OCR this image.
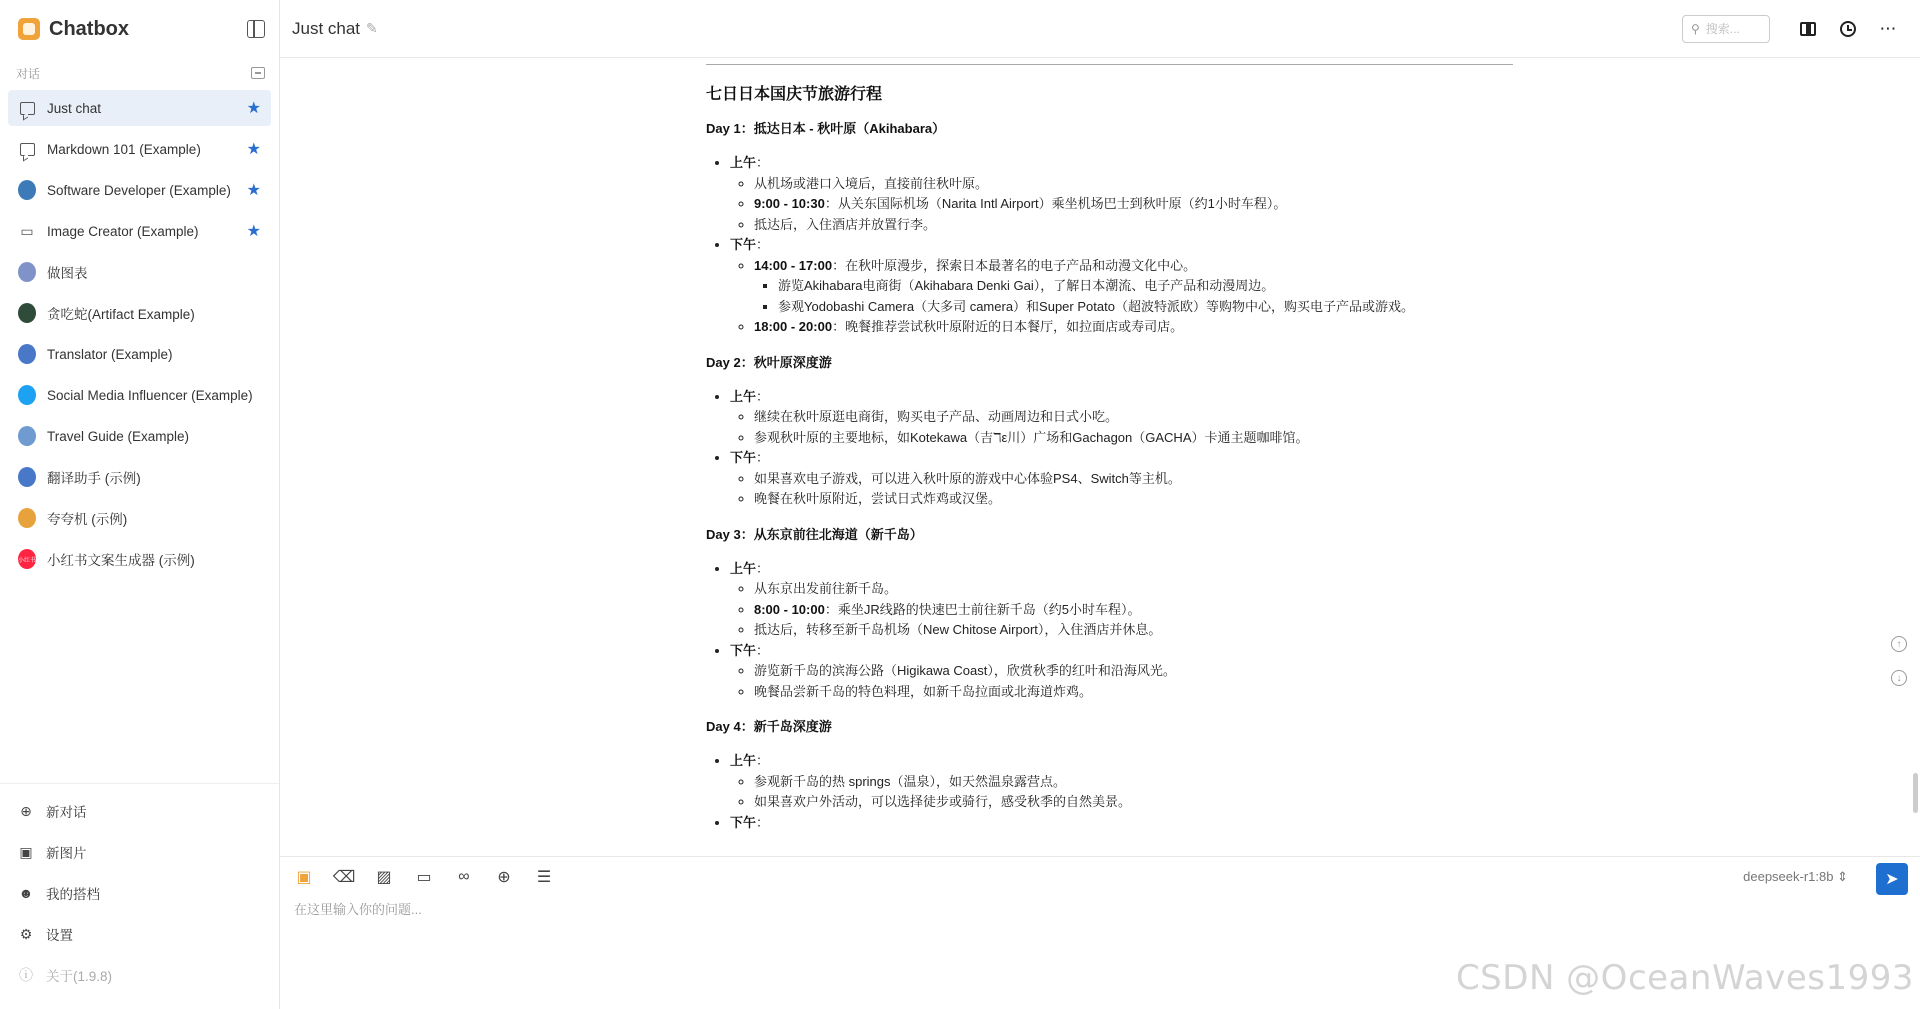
Chatbox
对话
Just chat	★
Markdown 101 (Example)	★
Software Developer (Example) ★
▭ Image Creator (Example)	★
做图表
贪吃蛇(Artifact Example)
Translator (Example)
Social Media Influencer (Example)
Travel Guide (Example)
翻译助手 (示例)
夸夸机 (示例)
小红书 小红书文案生成器 (示例)
⊕ 新对话
▣ 新图片
☻ 我的搭档
⚙ 设置
ⓘ 关于(1.9.8)
Just chat ✎	⚲ 搜索...	⋯
七日日本国庆节旅游行程
Day 1：抵达日本 - 秋叶原（Akihabara）
• 上午：
◦ 从机场或港口入境后，直接前往秋叶原。
◦ 9:00 - 10:30：从关东国际机场（Narita Intl Airport）乘坐机场巴士到秋叶原（约1小时车程）。
◦ 抵达后，入住酒店并放置行李。
• 下午：
◦ 14:00 - 17:00：在秋叶原漫步，探索日本最著名的电子产品和动漫文化中心。
▪ 游览Akihabara电商街（Akihabara Denki Gai），了解日本潮流、电子产品和动漫周边。
▪ 参观Yodobashi Camera（大多司 camera）和Super Potato（超波特派欧）等购物中心，购买电子产品或游戏。
◦ 18:00 - 20:00：晚餐推荐尝试秋叶原附近的日本餐厅，如拉面店或寿司店。
Day 2：秋叶原深度游
• 上午：
◦ 继续在秋叶原逛电商街，购买电子产品、动画周边和日式小吃。
◦ 参观秋叶原的主要地标，如Kotekawa（吉ℸε川）广场和Gachagon（GACHA）卡通主题咖啡馆。
• 下午：
◦ 如果喜欢电子游戏，可以进入秋叶原的游戏中心体验PS4、Switch等主机。
◦ 晚餐在秋叶原附近，尝试日式炸鸡或汉堡。
Day 3：从东京前往北海道（新千岛）
• 上午：
◦ 从东京出发前往新千岛。
◦ 8:00 - 10:00：乘坐JR线路的快速巴士前往新千岛（约5小时车程）。
◦ 抵达后，转移至新千岛机场（New Chitose Airport），入住酒店并休息。
• 下午：
◦ 游览新千岛的滨海公路（Higikawa Coast），欣赏秋季的红叶和沿海风光。
◦ 晚餐品尝新千岛的特色料理，如新千岛拉面或北海道炸鸡。
Day 4：新千岛深度游
• 上午：
◦ 参观新千岛的热 springs（温泉），如天然温泉露营点。
◦ 如果喜欢户外活动，可以选择徒步或骑行，感受秋季的自然美景。
• 下午：
↑
↓
▣ ⌫ ▨ ▭ ∞ ⊕ ☰	deepseek-r1:8b ⇕ ➤
在这里输入你的问题...
CSDN @OceanWaves1993
